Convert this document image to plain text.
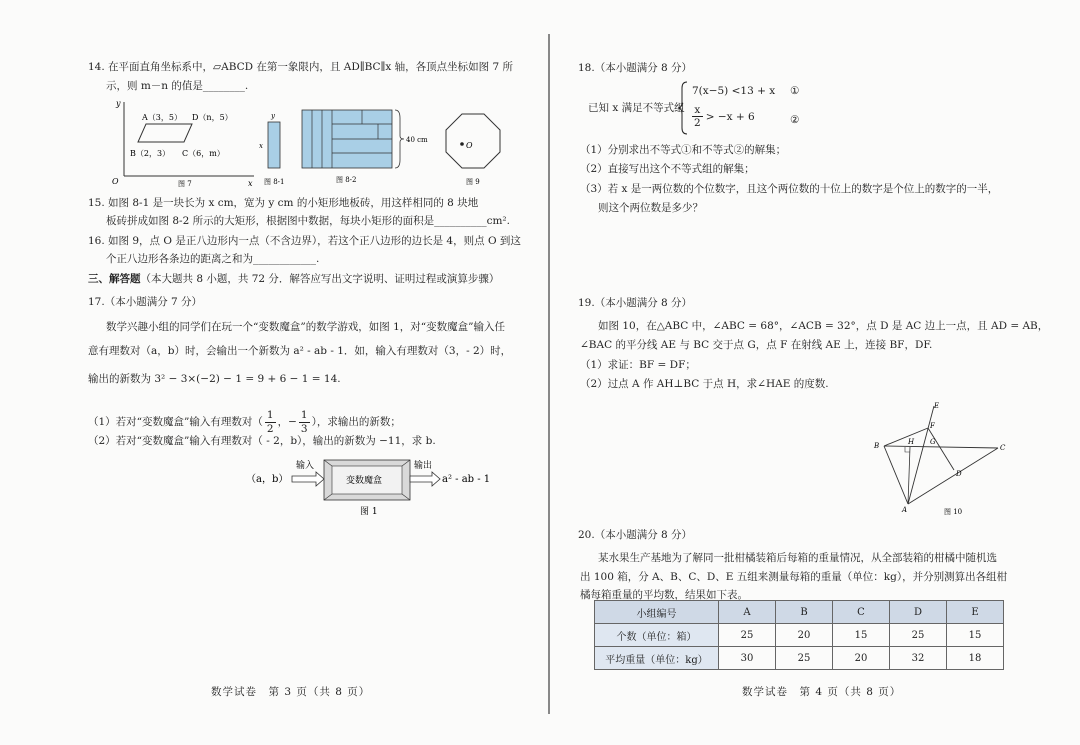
14. 在平面直角坐标系中，▱ABCD 在第一象限内，且 AD∥BC∥x 轴，各顶点坐标如图 7 所
示，则 m－n 的值是________.
A（3，5） D（n，5）
B（2，3） C（6，m）
y
x
O	图 7
y
x
图 8-1
40 cm
图 8-2
O
图 9
15. 如图 8-1 是一块长为 x cm，宽为 y cm 的小矩形地板砖，用这样相同的 8 块地
板砖拼成如图 8-2 所示的大矩形，根据图中数据，每块小矩形的面积是__________cm².
16. 如图 9，点 O 是正八边形内一点（不含边界），若这个正八边形的边长是 4，则点 O 到这
个正八边形各条边的距离之和为____________.
三、解答题（本大题共 8 小题，共 72 分．解答应写出文字说明、证明过程或演算步骤）
17.（本小题满分 7 分）
数学兴趣小组的同学们在玩一个“变数魔盒”的数学游戏，如图 1，对“变数魔盒”输入任
意有理数对（a，b）时，会输出一个新数为 a² - ab - 1．如，输入有理数对（3，- 2）时，
输出的新数为 3² − 3×(−2) − 1 = 9 + 6 − 1 = 14.
（1）若对“变数魔盒”输入有理数对（ $\frac{1}{2}$ ，− $\frac{1}{3}$ ），求输出的新数；
（2）若对“变数魔盒”输入有理数对（ - 2，b），输出的新数为 −11，求 b.
（a，b）
输入
变数魔盒
输出
a² - ab - 1
图 1
数学试卷　第 3 页（共 8 页）
18.（本小题满分 8 分）
已知 x 满足不等式组
7(x−5) <13 + x ①
$\frac{x}{2} > -x + 6$	②
（1）分别求出不等式①和不等式②的解集；
（2）直接写出这个不等式组的解集；
（3）若 x 是一两位数的个位数字，且这个两位数的十位上的数字是个位上的数字的一半，
则这个两位数是多少？
19.（本小题满分 8 分）
如图 10，在△ABC 中，∠ABC = 68°，∠ACB = 32°，点 D 是 AC 边上一点，且 AD = AB，
∠BAC 的平分线 AE 与 BC 交于点 G，点 F 在射线 AE 上，连接 BF，DF.
（1）求证：BF = DF；
（2）过点 A 作 AH⊥BC 于点 H，求∠HAE 的度数.
E
F
B	H G
C
D
A	图 10
20.（本小题满分 8 分）
某水果生产基地为了解同一批柑橘装箱后每箱的重量情况，从全部装箱的柑橘中随机选
出 100 箱，分 A、B、C、D、E 五组来测量每箱的重量（单位：kg），并分别测算出各组柑
橘每箱重量的平均数，结果如下表。
数学试卷　第 4 页（共 8 页）
小组编号	A	B	C	D	E
个数（单位：箱）	25	20	15	25	15
平均重量（单位：kg）	30	25	20	32	18
